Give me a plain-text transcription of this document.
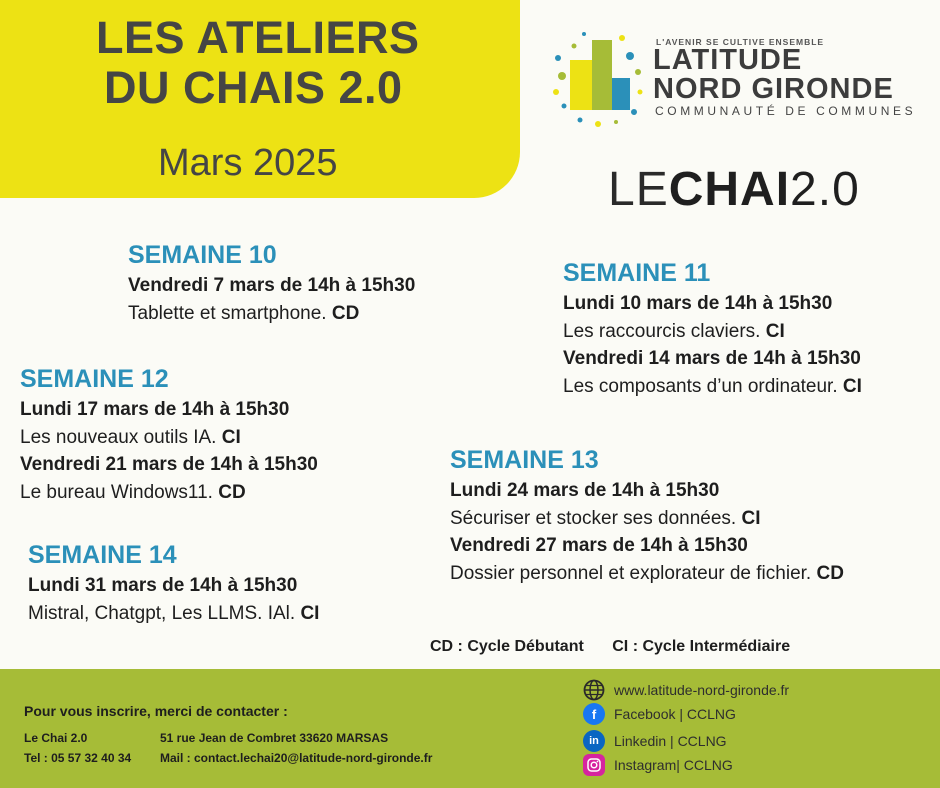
LES ATELIERS
DU CHAIS 2.0
Mars 2025
L'AVENIR SE CULTIVE ENSEMBLE
LATITUDE
NORD GIRONDE
COMMUNAUTÉ DE COMMUNES
LECHAI2.0
SEMAINE 10
Vendredi 7 mars de 14h à 15h30
Tablette et smartphone. CD
SEMAINE 11
Lundi 10 mars de 14h à 15h30
Les raccourcis claviers. CI
Vendredi 14 mars de 14h à 15h30
Les composants d’un ordinateur. CI
SEMAINE 12
Lundi 17 mars de 14h à 15h30
Les nouveaux outils IA. CI
Vendredi 21 mars de 14h à 15h30
Le bureau Windows11. CD
SEMAINE 13
Lundi 24 mars de 14h à 15h30
Sécuriser et stocker ses données. CI
Vendredi 27 mars de 14h à 15h30
Dossier personnel et explorateur de fichier. CD
SEMAINE 14
Lundi 31 mars de 14h à 15h30
Mistral, Chatgpt, Les LLMS. IAl. CI
CD : Cycle Débutant CI : Cycle Intermédiaire
Pour vous inscrire, merci de contacter :
Le Chai 2.0	51 rue Jean de Combret 33620 MARSAS
Tel : 05 57 32 40 34 Mail : contact.lechai20@latitude-nord-gironde.fr
www.latitude-nord-gironde.fr
f	Facebook | CCLNG
in	Linkedin | CCLNG
Instagram| CCLNG
